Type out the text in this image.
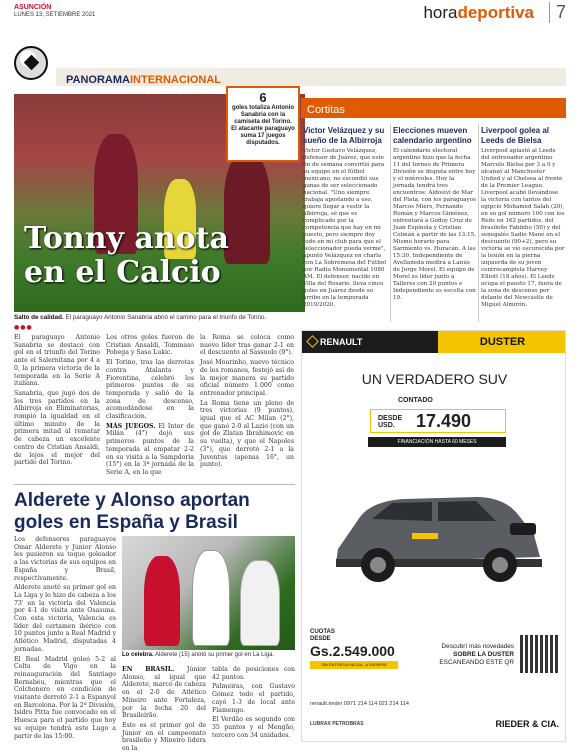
ASUNCIÓN
LUNES 13, SETIEMBRE 2021	horadeportiva	7
PANORAMAINTERNACIONAL
Tonny anota
en el Calcio
6
goles totaliza Antonio Sanabria con la camiseta del Torino. El atacante paraguayo suma 17 juegos disputados.
Salto de calidad. El paraguayo Antonio Sanabria abrió el camino para el triunfo de Torino.
●●●

El paraguayo Antonio Sanabria se destacó con gol en el triunfo del Torino ante el Salernitana por 4 a 0, la primera victoria de la temporada en la Serie A italiana.

Sanabria, que jugó dos de los tres partidos en la Albirroja en Eliminatorias, rompió la igualdad en el último minuto de la primera mitad al rematar de cabeza un excelente centro de Cristian Ansaldi, de lejos el mejor del partido del Torino.

Los otros goles fueron de Cristian Ansaldi, Tommaso Pobega y Sasa Lukic.

El Torino, tras las derrotas contra Atalanta y Fiorentina, celebró los primeros puntos de su temporada y salió de la zona de descenso, acomodándose en la clasificación.

MÁS JUEGOS. El Inter de Milán (4°) dejó sus primeros puntos de la temporada al empatar 2-2 en su visita a la Sampdoria (15°) en la 3ª jornada de la Serie A, en la que

la Roma se coloca como nuevo líder tras ganar 2-1 en el descuento al Sassuolo (9°).

José Mourinho, nuevo técnico de los romanos, festejó así de la mejor manera su partido oficial número 1.000 como entrenador principal.

La Roma tiene un pleno de tres victorias (9 puntos), igual que el AC Milan (2°), que ganó 2-0 al Lazio (con un gol de Zlatan Ibrahimovic en su vuelta), y que el Napoles (3°), que derrotó 2-1 a la Juventus (apenas 16°, un punto).

Cortitas
Victor Velázquez y su sueño de la Albirroja
Victor Gustavo Velázquez, defensor de Juárez, que este fin de semana convirtió para su equipo en el fútbol mexicano, no escondió sus ganas de ser seleccionado nacional. "Uno siempre trabaja apostando a eso, quiere llegar a vestir la albirroja, sé que es complicado por la competencia que hay en mi puesto, pero siempre doy todo en mi club para que el seleccionador pueda verme", apuntó Velázquez en charla con La Sobremesa del Fútbol por Radio Monumental 1080 AM. El defensor, nacido en Villa del Rosario, lleva cinco goles en Juárez desde su arribo en la temporada 2019/2020.
Elecciones mueven calendario argentino
El calendario electoral argentino hizo que la fecha 11 del torneo de Primera División se disputa entre hoy y el miércoles. Hoy la jornada tendrá tres encuentros: Aldosivi de Mar del Plata, con los paraguayos Marcos Miers, Fernando Román y Marcos Giménez, enfrentará a Godoy Cruz de Juan Espínola y Cristian Colmán a partir de las 13:15. Mismo horario para Sarmiento vs. Huracán. A las 15:30, Independiente de Avellaneda medirá a Lanús de Jorge Morel. El equipo de Morel es líder junto a Talleres con 20 puntos e Independiente es escolta con 19.
Liverpool golea al Leeds de Bielsa
Liverpool aplastó al Leeds del entrenador argentino Marcelo Bielsa por 3 a 0 y alcanzó al Manchester United y al Chelsea al frente de la Premier League. Liverpool acabó llevándose la victoria con tantos del egipcio Mohamed Salah (20), en su gol número 100 con los Reds en 162 partidos, del brasileño Fabinho (50) y del senegalés Sadio Mané en el descuento (90+2), pero su victoria se vio oscurecida por la lesión en la pierna izquierda de su joven centrocampista Harvey Elliott (18 años). El Leeds ocupa el puesto 17, fuera de la zona de descenso por delante del Newcastle de Miguel Almirón.
RENAULT	DUSTER
UN VERDADERO SUV
CONTADO
DESDE
USD.	17.490
FINANCIACIÓN HASTA 60 MESES
CUOTAS
DESDE
Gs.2.549.000
SIN ENTREGA INICIAL, A SIEMPRE
Descubrí más novedades
SOBRE LA DUSTER
ESCANEANDO ESTE QR
renault.rieder 0971 214 114 021 214 114
LUBRAX PETROBRAS	RIEDER & CIA.
Alderete y Alonso aportan goles en España y Brasil

Los defensores paraguayos Omar Alderete y Júnior Alonso les pusieron su toque goleador a las victorias de sus equipos en España y Brasil, respectivamente.

Alderete anotó su primer gol en La Liga y lo hizo de cabeza a los 73' en la victoria del Valencia por 4-1 de visita ante Osasuna. Con esta victoria, Valencia es líder del certamen ibérico con 10 puntos junto a Real Madrid y Atlético Madrid, disputadas 4 jornadas.

El Real Madrid goleó 5-2 al Celta de Vigo en la reinauguración del Santiago Bernabéu, mientras que el Colchonero en condición de visitante derrotó 2-1 a Espanyol en Barcelona. Por la 2ª División, Isidro Pitta fue convocado en el Huesca para el partido que hoy su equipo tendrá este Lugo a partir de las 15:00.

Lo celebra. Alderete (15) anotó su primer gol en La Liga.

EN BRASIL. Júnior Alonso, al igual que Alderete, marcó de cabeza en el 2-0 de Atlético Mineiro ante Fortaleza, por la fecha 20 del Brasileirão.

Este es el primer gol de Júnior en el campeonato brasileño y Mineiro lidera en la

tabla de posiciones con 42 puntos.

Palmeiras, con Gustavo Gómez todo el partido, cayó 1-3 de local ante Flamengo.

El Verdão es segundo con 35 puntos y el Mengão, tercero con 34 unidades.
